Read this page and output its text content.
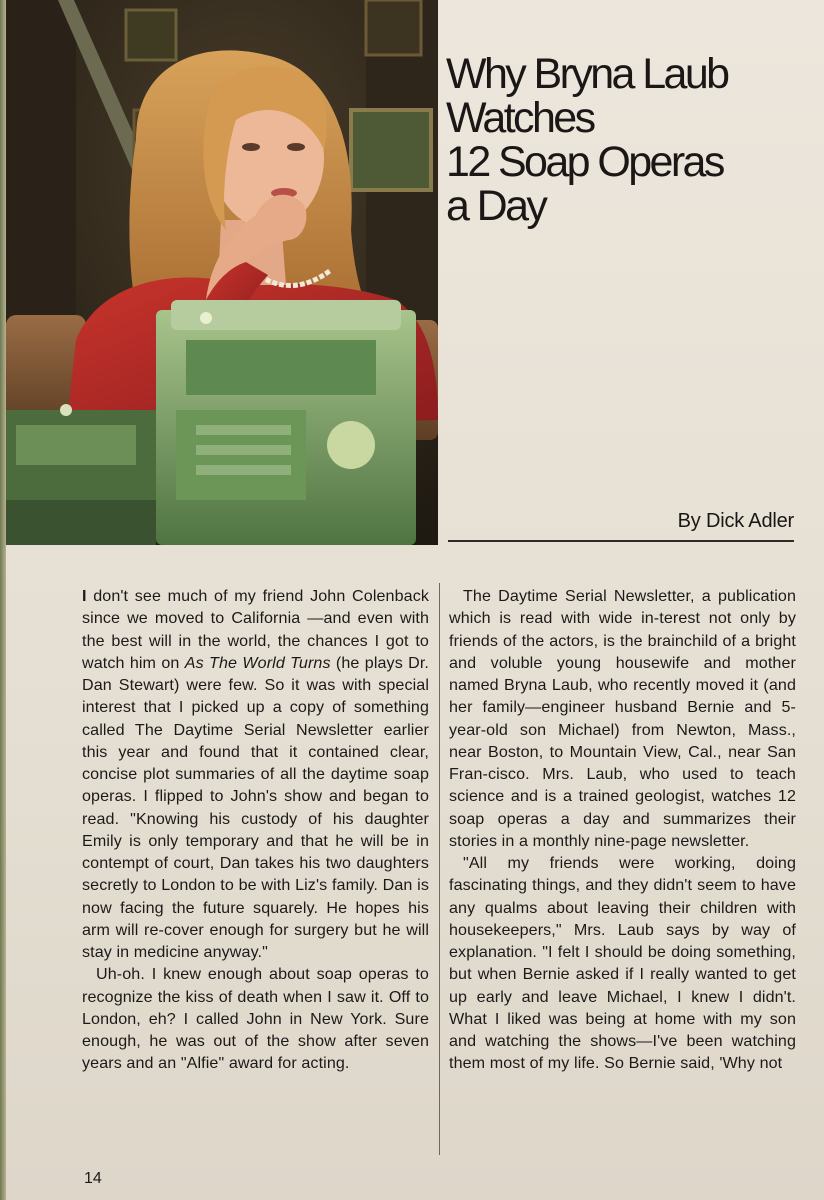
Why Bryna Laub
Watches
12 Soap Operas
a Day
By Dick Adler

I don't see much of my friend John Colenback since we moved to California —and even with the best will in the world, the chances I got to watch him on As The World Turns (he plays Dr. Dan Stewart) were few. So it was with special interest that I picked up a copy of something called The Daytime Serial Newsletter earlier this year and found that it contained clear, concise plot summaries of all the daytime soap operas. I flipped to John's show and began to read. "Knowing his custody of his daughter Emily is only temporary and that he will be in contempt of court, Dan takes his two daughters secretly to London to be with Liz's family. Dan is now facing the future squarely. He hopes his arm will re-cover enough for surgery but he will stay in medicine anyway."

Uh-oh. I knew enough about soap operas to recognize the kiss of death when I saw it. Off to London, eh? I called John in New York. Sure enough, he was out of the show after seven years and an "Alfie" award for acting.

The Daytime Serial Newsletter, a publication which is read with wide in-terest not only by friends of the actors, is the brainchild of a bright and voluble young housewife and mother named Bryna Laub, who recently moved it (and her family—engineer husband Bernie and 5-year-old son Michael) from Newton, Mass., near Boston, to Mountain View, Cal., near San Fran-cisco. Mrs. Laub, who used to teach science and is a trained geologist, watches 12 soap operas a day and summarizes their stories in a monthly nine-page newsletter.

"All my friends were working, doing fascinating things, and they didn't seem to have any qualms about leaving their children with housekeepers," Mrs. Laub says by way of explanation. "I felt I should be doing something, but when Bernie asked if I really wanted to get up early and leave Michael, I knew I didn't. What I liked was being at home with my son and watching the shows—I've been watching them most of my life. So Bernie said, 'Why not

14
